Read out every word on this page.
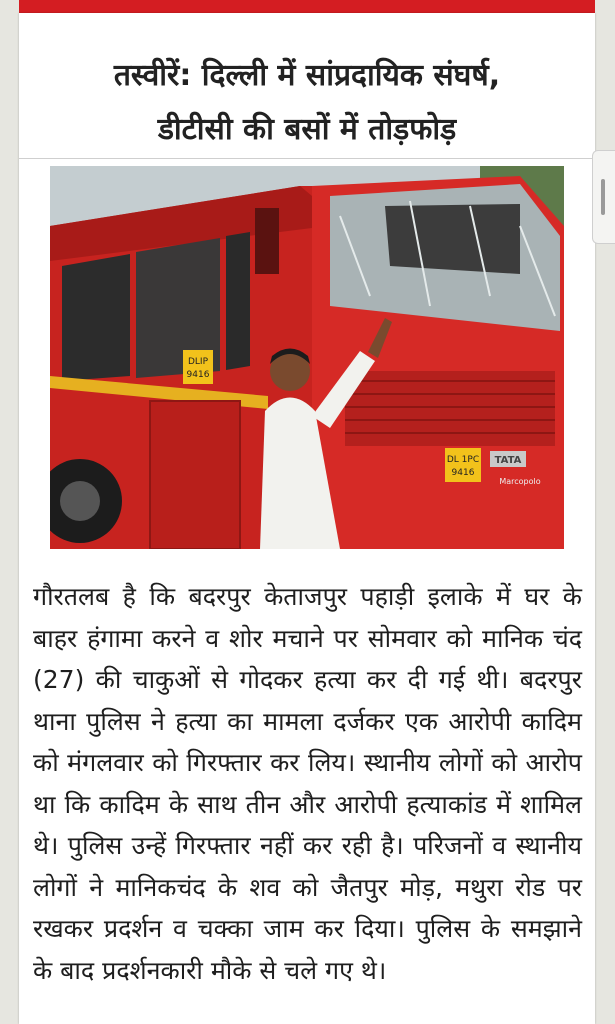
तस्वीरें: दिल्ली में सांप्रदायिक संघर्ष,
डीटीसी की बसों में तोड़फोड़
DLIP
9416
DL 1PC
9416
TATA
Marcopolo
गौरतलब है कि बदरपुर केताजपुर पहाड़ी इलाके में घर के बाहर हंगामा करने व शोर मचाने पर सोमवार को मानिक चंद (27) की चाकुओं से गोदकर हत्या कर दी गई थी। बदरपुर थाना पुलिस ने हत्या का मामला दर्जकर एक आरोपी कादिम को मंगलवार को गिरफ्तार कर लिय। स्थानीय लोगों को आरोप था कि कादिम के साथ तीन और आरोपी हत्याकांड में शामिल थे। पुलिस उन्हें गिरफ्तार नहीं कर रही है। परिजनों व स्थानीय लोगों ने मानिकचंद के शव को जैतपुर मोड़, मथुरा रोड पर रखकर प्रदर्शन व चक्का जाम कर दिया। पुलिस के समझाने के बाद प्रदर्शनकारी मौके से चले गए थे।
